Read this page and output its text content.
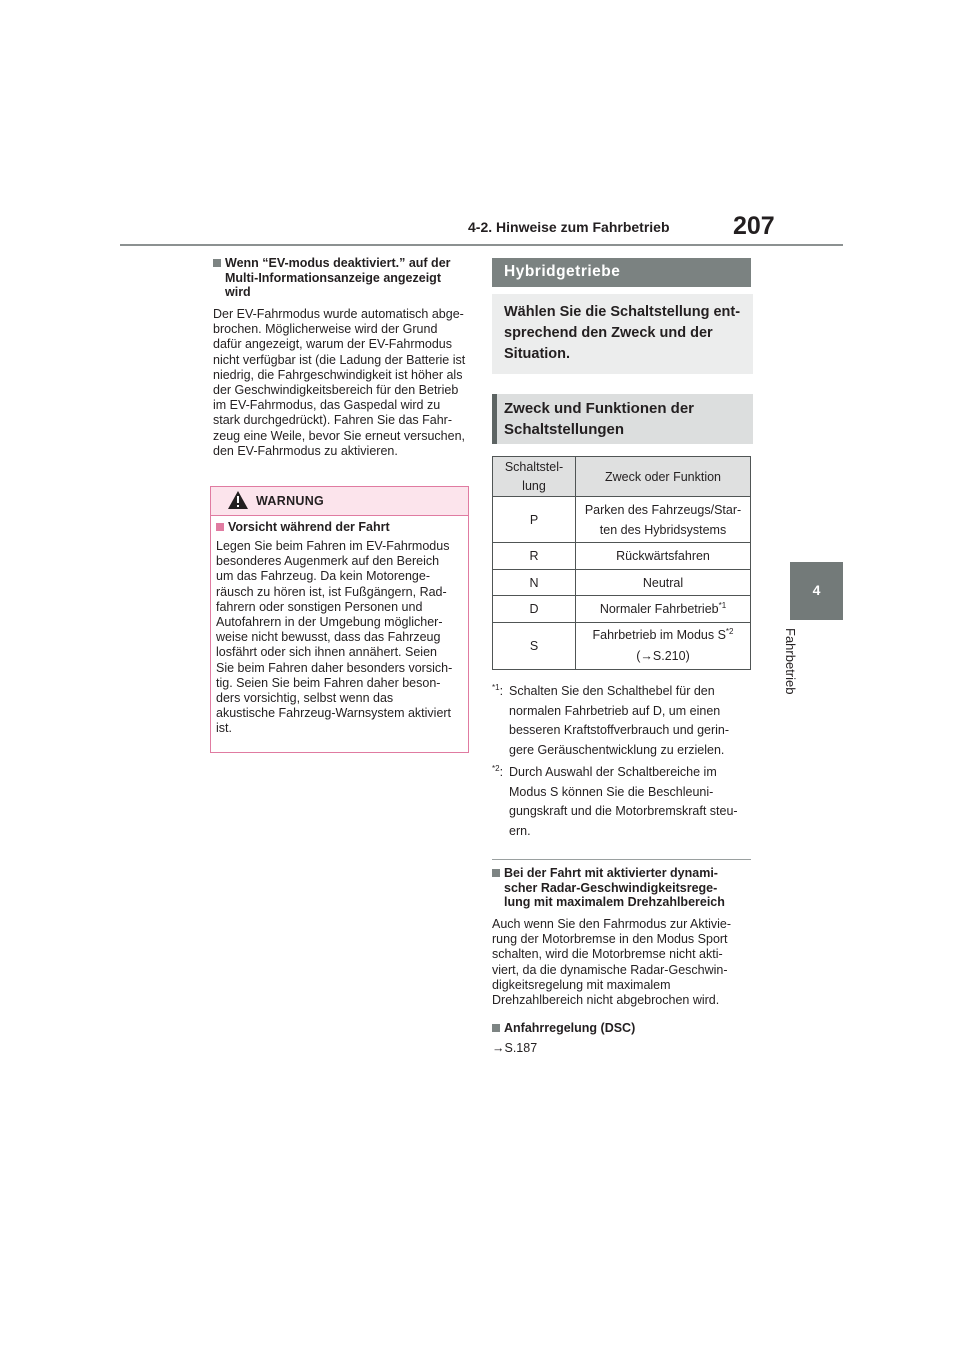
4-2. Hinweise zum Fahrbetrieb	207
4
Fahrbetrieb
Wenn “EV-modus deaktiviert.” auf der
Multi-Informationsanzeige angezeigt
wird
Der EV-Fahrmodus wurde automatisch abge-
brochen. Möglicherweise wird der Grund
dafür angezeigt, warum der EV-Fahrmodus
nicht verfügbar ist (die Ladung der Batterie ist
niedrig, die Fahrgeschwindigkeit ist höher als
der Geschwindigkeitsbereich für den Betrieb
im EV-Fahrmodus, das Gaspedal wird zu
stark durchgedrückt). Fahren Sie das Fahr-
zeug eine Weile, bevor Sie erneut versuchen,
den EV-Fahrmodus zu aktivieren.
WARNUNG
Vorsicht während der Fahrt
Legen Sie beim Fahren im EV-Fahrmodus
besonderes Augenmerk auf den Bereich
um das Fahrzeug. Da kein Motorenge-
räusch zu hören ist, ist Fußgängern, Rad-
fahrern oder sonstigen Personen und
Autofahrern in der Umgebung möglicher-
weise nicht bewusst, dass das Fahrzeug
losfährt oder sich ihnen annähert. Seien
Sie beim Fahren daher besonders vorsich-
tig. Seien Sie beim Fahren daher beson-
ders vorsichtig, selbst wenn das
akustische Fahrzeug-Warnsystem aktiviert
ist.
Hybridgetriebe
Wählen Sie die Schaltstellung ent-
sprechend den Zweck und der
Situation.
Zweck und Funktionen der
Schaltstellungen
Schaltstel-
lung	Zweck oder Funktion
P	Parken des Fahrzeugs/Star-
ten des Hybridsystems
R	Rückwärtsfahren
N	Neutral
D	Normaler Fahrbetrieb$^{*1}$
S	Fahrbetrieb im Modus $S^{*2}$
(→S.210)
$^{*1}$: Schalten Sie den Schalthebel für den
normalen Fahrbetrieb auf D, um einen
besseren Kraftstoffverbrauch und gerin-
gere Geräuschentwicklung zu erzielen.
$^{*2}$: Durch Auswahl der Schaltbereiche im
Modus S können Sie die Beschleuni-
gungskraft und die Motorbremskraft steu-
ern.
Bei der Fahrt mit aktivierter dynami-
scher Radar-Geschwindigkeitsrege-
lung mit maximalem Drehzahlbereich
Auch wenn Sie den Fahrmodus zur Aktivie-
rung der Motorbremse in den Modus Sport
schalten, wird die Motorbremse nicht akti-
viert, da die dynamische Radar-Geschwin-
digkeitsregelung mit maximalem
Drehzahlbereich nicht abgebrochen wird.
Anfahrregelung (DSC)
→S.187
